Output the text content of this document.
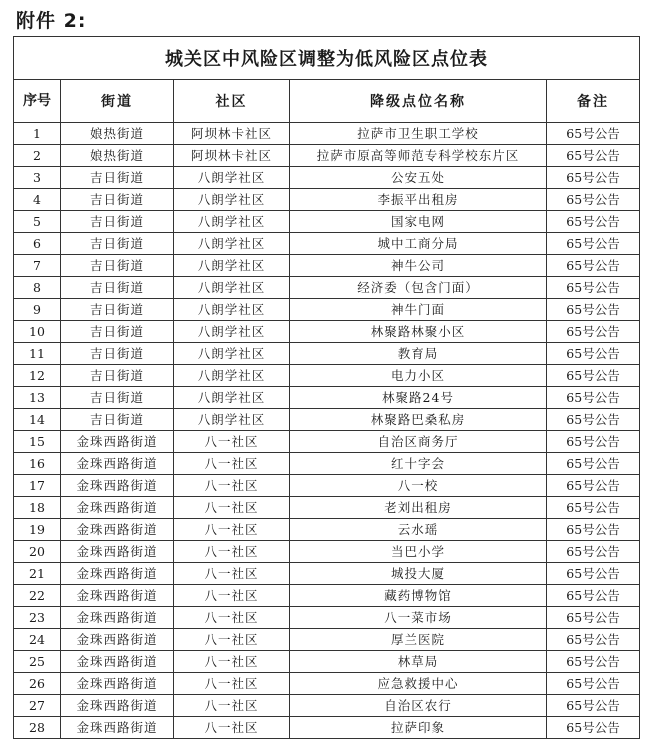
附件 2:
城关区中风险区调整为低风险区点位表				
序号	街道	社区	降级点位名称	备注
1	娘热街道	阿坝林卡社区	拉萨市卫生职工学校	65号公告
2	娘热街道	阿坝林卡社区	拉萨市原高等师范专科学校东片区	65号公告
3	吉日街道	八朗学社区	公安五处	65号公告
4	吉日街道	八朗学社区	李振平出租房	65号公告
5	吉日街道	八朗学社区	国家电网	65号公告
6	吉日街道	八朗学社区	城中工商分局	65号公告
7	吉日街道	八朗学社区	神牛公司	65号公告
8	吉日街道	八朗学社区	经济委（包含门面）	65号公告
9	吉日街道	八朗学社区	神牛门面	65号公告
10	吉日街道	八朗学社区	林聚路林聚小区	65号公告
11	吉日街道	八朗学社区	教育局	65号公告
12	吉日街道	八朗学社区	电力小区	65号公告
13	吉日街道	八朗学社区	林聚路24号	65号公告
14	吉日街道	八朗学社区	林聚路巴桑私房	65号公告
15	金珠西路街道	八一社区	自治区商务厅	65号公告
16	金珠西路街道	八一社区	红十字会	65号公告
17	金珠西路街道	八一社区	八一校	65号公告
18	金珠西路街道	八一社区	老刘出租房	65号公告
19	金珠西路街道	八一社区	云水瑶	65号公告
20	金珠西路街道	八一社区	当巴小学	65号公告
21	金珠西路街道	八一社区	城投大厦	65号公告
22	金珠西路街道	八一社区	藏药博物馆	65号公告
23	金珠西路街道	八一社区	八一菜市场	65号公告
24	金珠西路街道	八一社区	厚兰医院	65号公告
25	金珠西路街道	八一社区	林草局	65号公告
26	金珠西路街道	八一社区	应急救援中心	65号公告
27	金珠西路街道	八一社区	自治区农行	65号公告
28	金珠西路街道	八一社区	拉萨印象	65号公告
